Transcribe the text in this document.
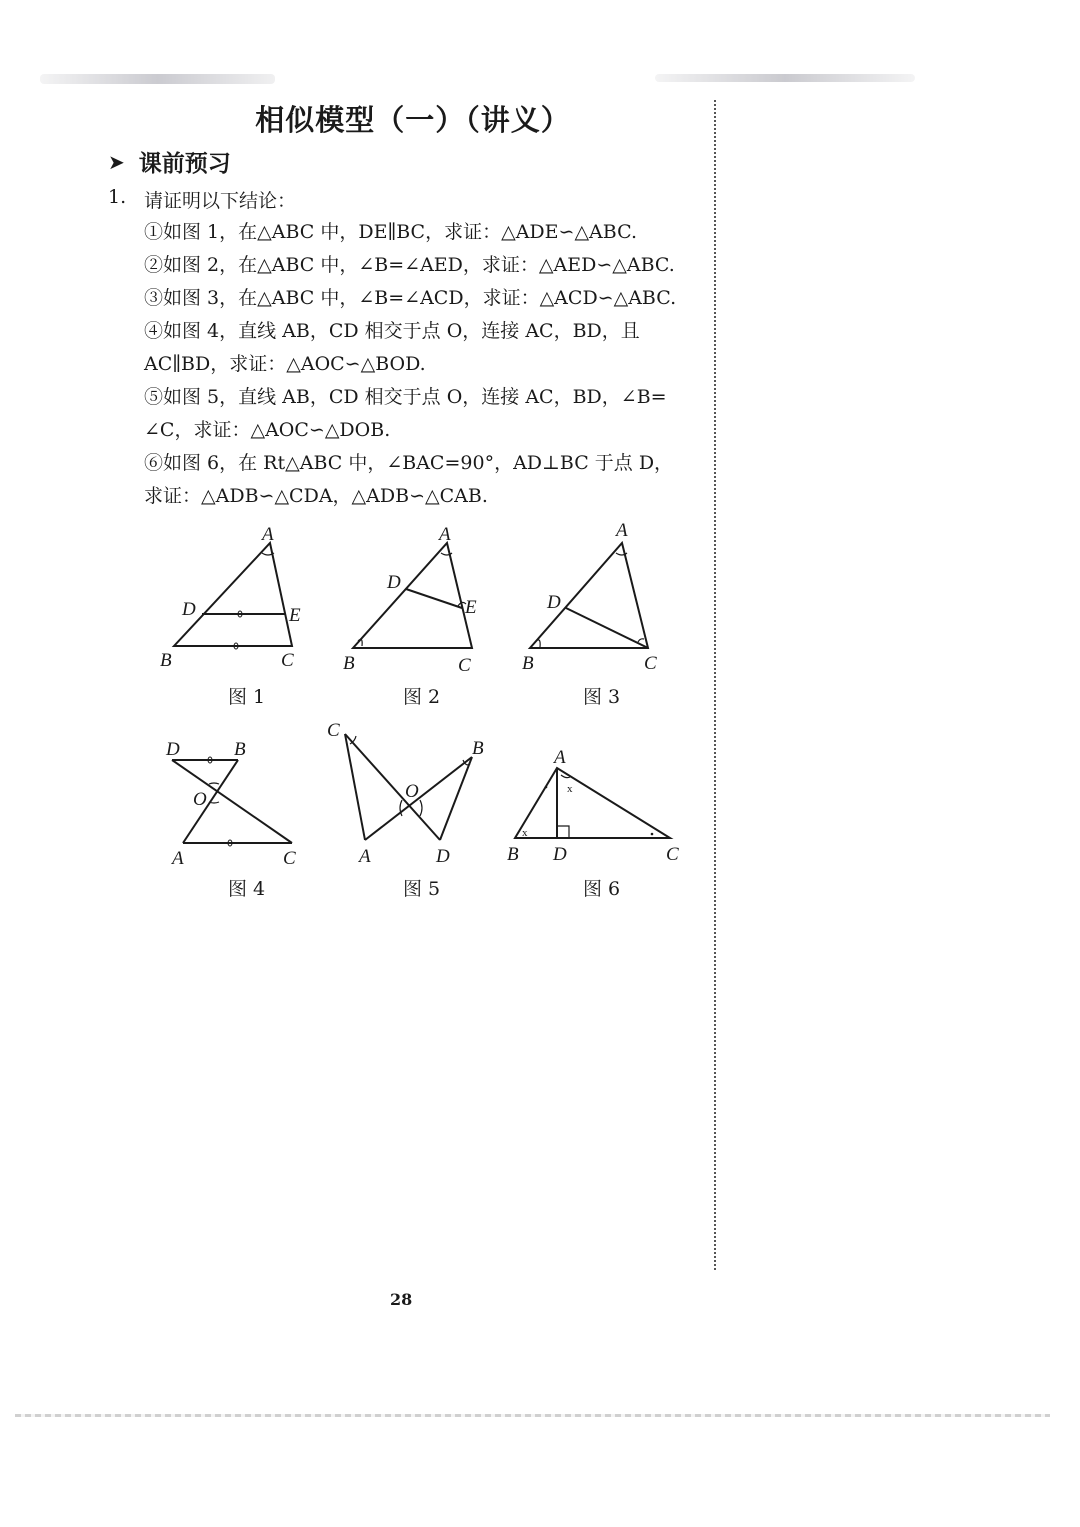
相似模型（一）（讲义）
➤ 课前预习
1. 请证明以下结论：
①如图 1，在△ABC 中，DE∥BC，求证：△ADE∽△ABC.
②如图 2，在△ABC 中，∠B=∠AED，求证：△AED∽△ABC.
③如图 3，在△ABC 中，∠B=∠ACD，求证：△ACD∽△ABC.
④如图 4，直线 AB，CD 相交于点 O，连接 AC，BD，且
AC∥BD，求证：△AOC∽△BOD.
⑤如图 5，直线 AB，CD 相交于点 O，连接 AC，BD，∠B=
∠C，求证：△AOC∽△DOB.
⑥如图 6，在 Rt△ABC 中，∠BAC=90°，AD⊥BC 于点 D，
求证：△ADB∽△CDA，△ADB∽△CAB.
x
x
A
D	E
B	C
A
D
E
B	C
A
D
B	C
D	B
O
A	C
C
B
O
A	D
A
B D	C
图 1	图 2	图 3
图 4	图 5	图 6
28
